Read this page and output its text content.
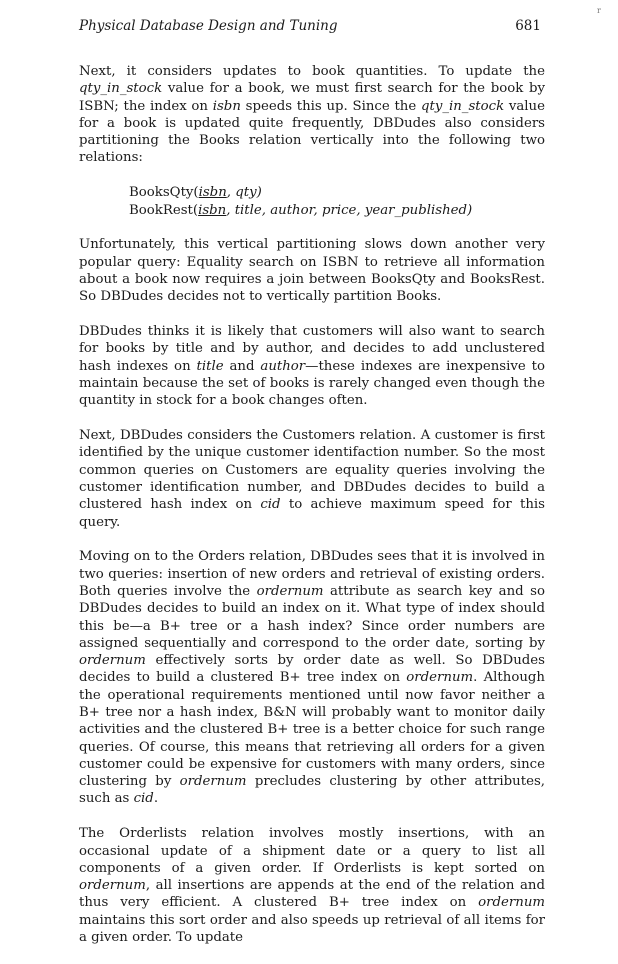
Physical Database Design and Tuning	681
r

Next, it considers updates to book quantities. To update the qty_in_stock value for a book, we must first search for the book by ISBN; the index on isbn speeds this up. Since the qty_in_stock value for a book is updated quite frequently, DBDudes also considers partitioning the Books relation vertically into the following two relations:

BooksQty(isbn, qty)
BookRest(isbn, title, author, price, year_published)

Unfortunately, this vertical partitioning slows down another very popular query: Equality search on ISBN to retrieve all information about a book now requires a join between BooksQty and BooksRest. So DBDudes decides not to vertically partition Books.

DBDudes thinks it is likely that customers will also want to search for books by title and by author, and decides to add unclustered hash indexes on title and author—these indexes are inexpensive to maintain because the set of books is rarely changed even though the quantity in stock for a book changes often.

Next, DBDudes considers the Customers relation. A customer is first identified by the unique customer identifaction number. So the most common queries on Customers are equality queries involving the customer identification number, and DBDudes decides to build a clustered hash index on cid to achieve maximum speed for this query.

Moving on to the Orders relation, DBDudes sees that it is involved in two queries: insertion of new orders and retrieval of existing orders. Both queries involve the ordernum attribute as search key and so DBDudes decides to build an index on it. What type of index should this be—a B+ tree or a hash index? Since order numbers are assigned sequentially and correspond to the order date, sorting by ordernum effectively sorts by order date as well. So DBDudes decides to build a clustered B+ tree index on ordernum. Although the operational requirements mentioned until now favor neither a B+ tree nor a hash index, B&N will probably want to monitor daily activities and the clustered B+ tree is a better choice for such range queries. Of course, this means that retrieving all orders for a given customer could be expensive for customers with many orders, since clustering by ordernum precludes clustering by other attributes, such as cid.

The Orderlists relation involves mostly insertions, with an occasional update of a shipment date or a query to list all components of a given order. If Orderlists is kept sorted on ordernum, all insertions are appends at the end of the relation and thus very efficient. A clustered B+ tree index on ordernum maintains this sort order and also speeds up retrieval of all items for a given order. To update
